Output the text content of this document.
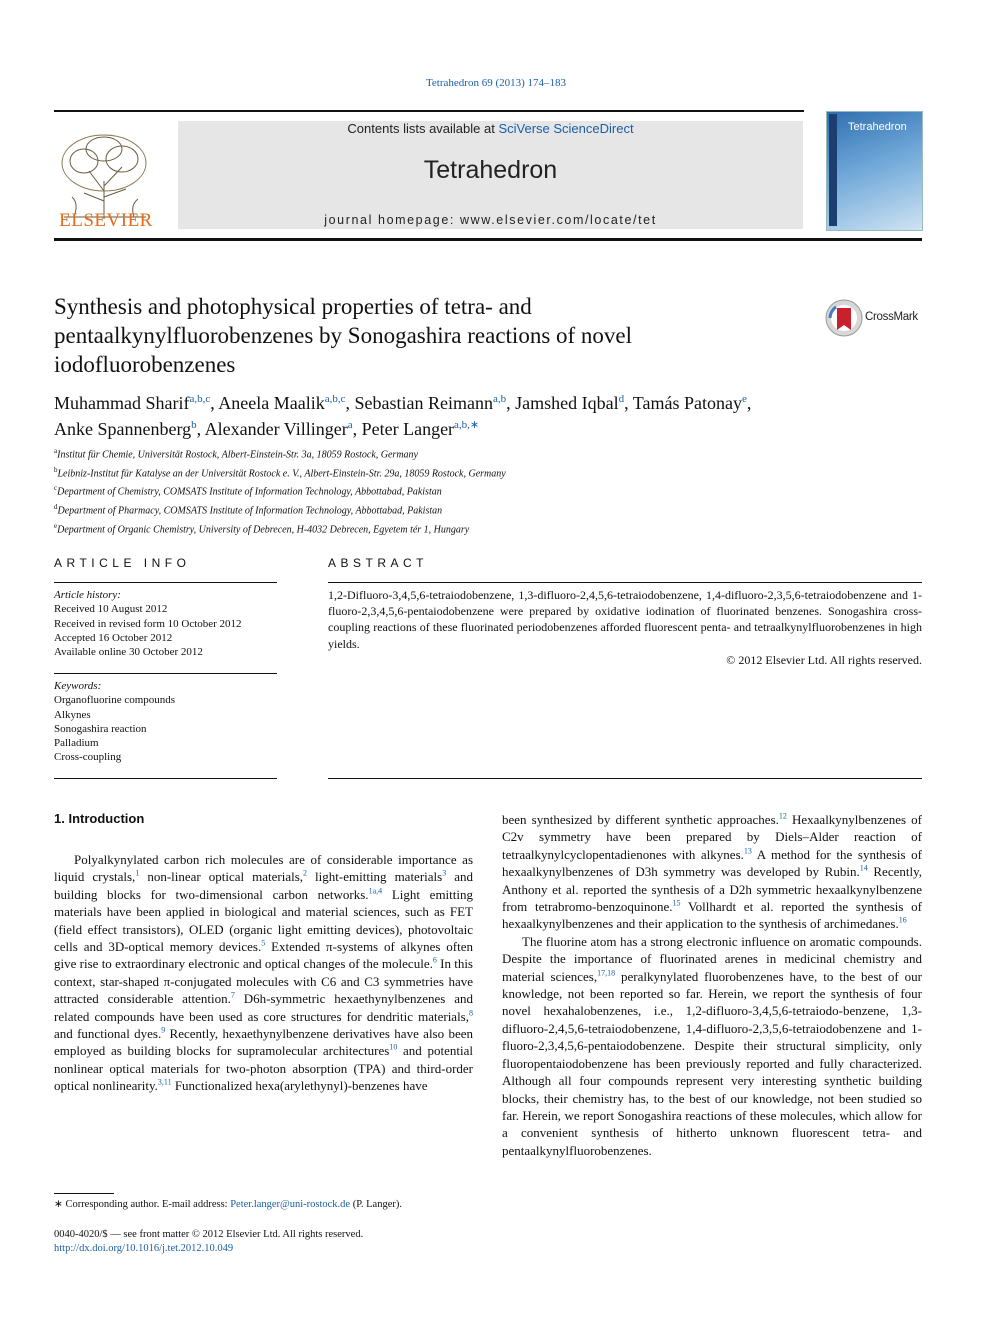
Tetrahedron 69 (2013) 174–183
ELSEVIER
Contents lists available at SciVerse ScienceDirect
Tetrahedron
journal homepage: www.elsevier.com/locate/tet
Tetrahedron
Synthesis and photophysical properties of tetra- and pentaalkynylfluorobenzenes by Sonogashira reactions of novel iodofluorobenzenes
CrossMark
Muhammad Sharif$^{a,b,c}$, Aneela Maalik$^{a,b,c}$, Sebastian Reimann$^{a,b}$, Jamshed Iqbal$^d$, Tamás Patonay$^e$,
Anke Spannenberg$^b$, Alexander Villinger$^a$, Peter Langer$^{a,b,∗}$
$^a$Institut für Chemie, Universität Rostock, Albert-Einstein-Str. 3a, 18059 Rostock, Germany
$^b$Leibniz-Institut für Katalyse an der Universität Rostock e. V., Albert-Einstein-Str. 29a, 18059 Rostock, Germany
$^c$Department of Chemistry, COMSATS Institute of Information Technology, Abbottabad, Pakistan
$^d$Department of Pharmacy, COMSATS Institute of Information Technology, Abbottabad, Pakistan
$^e$Department of Organic Chemistry, University of Debrecen, H-4032 Debrecen, Egyetem tér 1, Hungary
ARTICLE INFO	ABSTRACT
Article history:
Received 10 August 2012
Received in revised form 10 October 2012
Accepted 16 October 2012
Available online 30 October 2012
Keywords:
Organofluorine compounds
Alkynes
Sonogashira reaction
Palladium
Cross-coupling
1,2-Difluoro-3,4,5,6-tetraiodobenzene, 1,3-difluoro-2,4,5,6-tetraiodobenzene, 1,4-difluoro-2,3,5,6-tetraiodobenzene and 1-fluoro-2,3,4,5,6-pentaiodobenzene were prepared by oxidative iodination of fluorinated benzenes. Sonogashira cross-coupling reactions of these fluorinated periodobenzenes afforded fluorescent penta- and tetraalkynylfluorobenzenes in high yields.
© 2012 Elsevier Ltd. All rights reserved.
1. Introduction

Polyalkynylated carbon rich molecules are of considerable importance as liquid crystals,$^1$ non-linear optical materials,$^2$ light-emitting materials$^3$ and building blocks for two-dimensional carbon networks.$^{1a,4}$ Light emitting materials have been applied in biological and material sciences, such as FET (field effect transistors), OLED (organic light emitting devices), photovoltaic cells and 3D-optical memory devices.$^5$ Extended π-systems of alkynes often give rise to extraordinary electronic and optical changes of the molecule.$^6$ In this context, star-shaped π-conjugated molecules with C6 and C3 symmetries have attracted considerable attention.$^7$ D6h-symmetric hexaethynylbenzenes and related compounds have been used as core structures for dendritic materials,$^8$ and functional dyes.$^9$ Recently, hexaethynylbenzene derivatives have also been employed as building blocks for supramolecular architectures$^{10}$ and potential nonlinear optical materials for two-photon absorption (TPA) and third-order optical nonlinearity.$^{3,11}$ Functionalized hexa(arylethynyl)-benzenes have

been synthesized by different synthetic approaches.$^{12}$ Hexaalkynylbenzenes of C2v symmetry have been prepared by Diels–Alder reaction of tetraalkynylcyclopentadienones with alkynes.$^{13}$ A method for the synthesis of hexaalkynylbenzenes of D3h symmetry was developed by Rubin.$^{14}$ Recently, Anthony et al. reported the synthesis of a D2h symmetric hexaalkynylbenzene from tetrabromo-benzoquinone.$^{15}$ Vollhardt et al. reported the synthesis of hexaalkynylbenzenes and their application to the synthesis of archimedanes.$^{16}$

The fluorine atom has a strong electronic influence on aromatic compounds. Despite the importance of fluorinated arenes in medicinal chemistry and material sciences,$^{17,18}$ peralkynylated fluorobenzenes have, to the best of our knowledge, not been reported so far. Herein, we report the synthesis of four novel hexahalobenzenes, i.e., 1,2-difluoro-3,4,5,6-tetraiodo-benzene, 1,3-difluoro-2,4,5,6-tetraiodobenzene, 1,4-difluoro-2,3,5,6-tetraiodobenzene and 1-fluoro-2,3,4,5,6-pentaiodobenzene. Despite their structural simplicity, only fluoropentaiodobenzene has been previously reported and fully characterized. Although all four compounds represent very interesting synthetic building blocks, their chemistry has, to the best of our knowledge, not been studied so far. Herein, we report Sonogashira reactions of these molecules, which allow for a convenient synthesis of hitherto unknown fluorescent tetra- and pentaalkynylfluorobenzenes.

∗ Corresponding author. E-mail address: Peter.langer@uni-rostock.de (P. Langer).
0040-4020/$ — see front matter © 2012 Elsevier Ltd. All rights reserved.
http://dx.doi.org/10.1016/j.tet.2012.10.049
